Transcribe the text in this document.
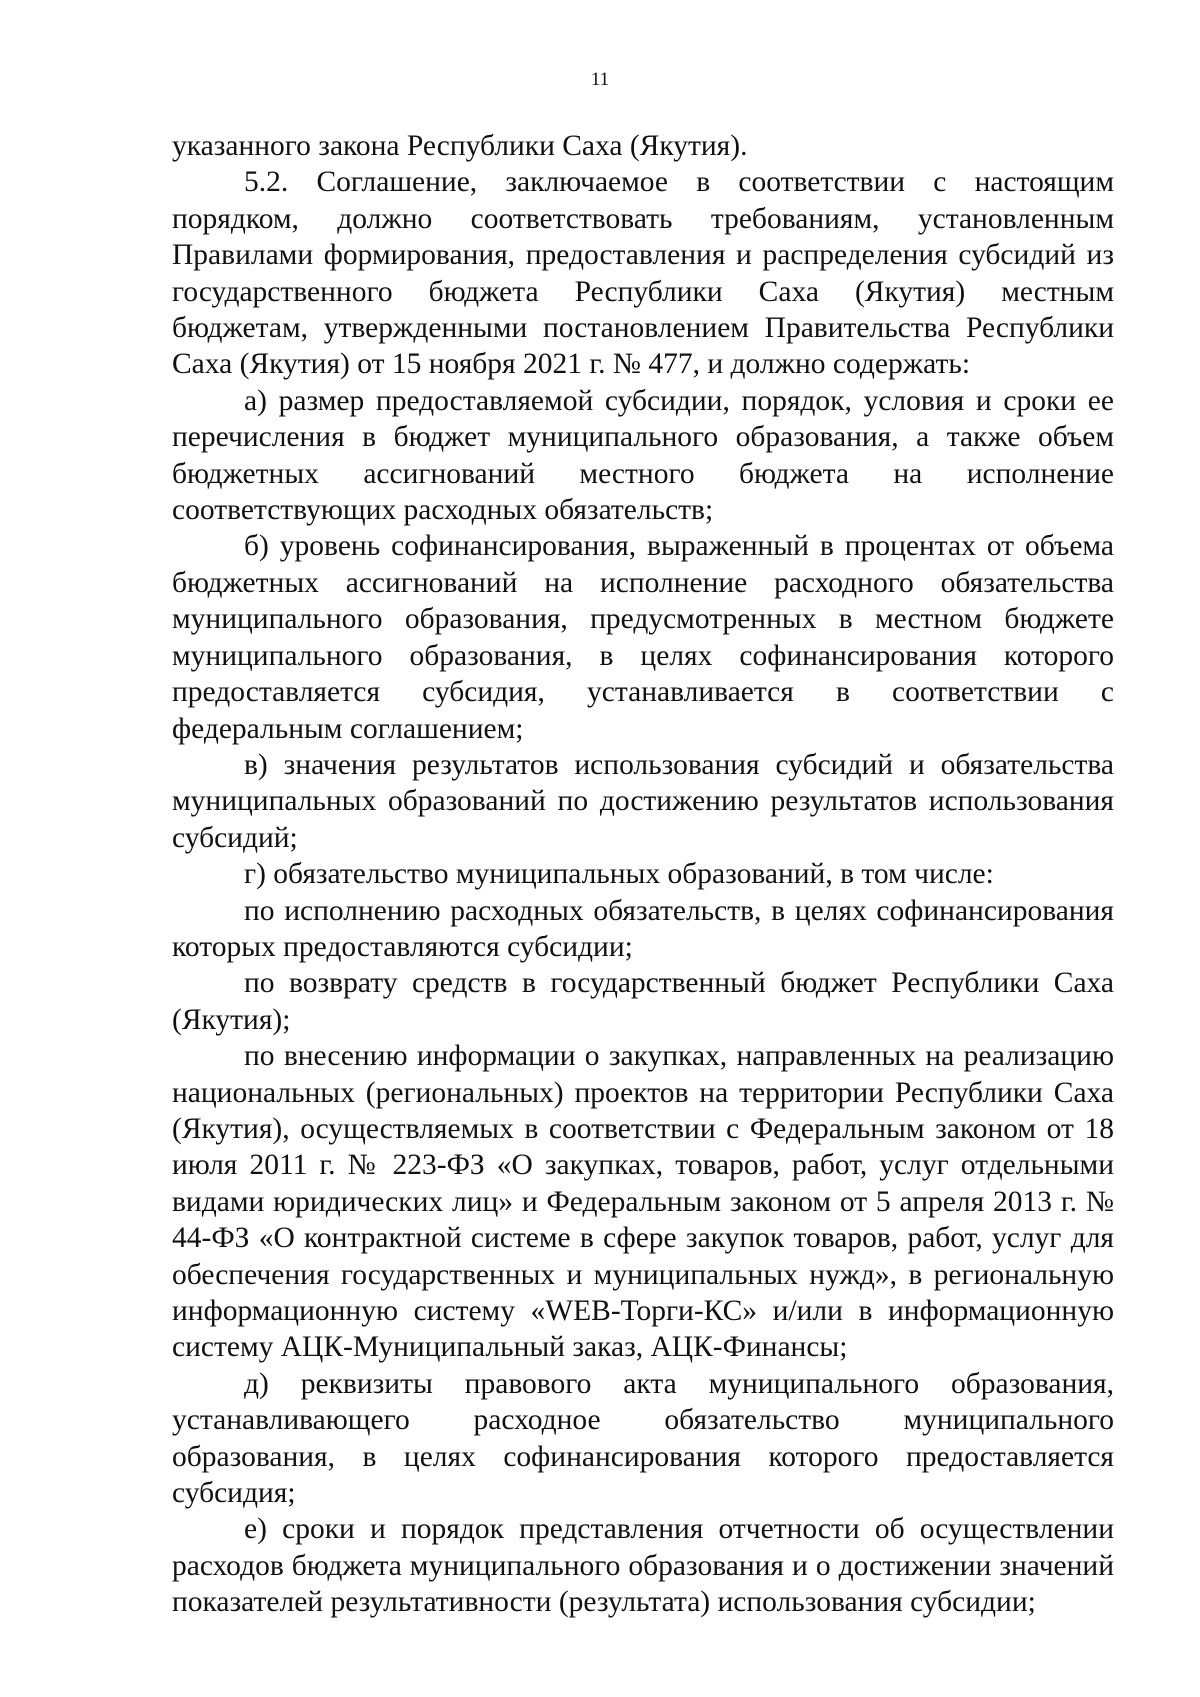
11

указанного закона Республики Саха (Якутия).

5.2. Соглашение, заключаемое в соответствии с настоящим порядком, должно соответствовать требованиям, установленным Правилами формирования, предоставления и распределения субсидий из государственного бюджета Республики Саха (Якутия) местным бюджетам, утвержденными постановлением Правительства Республики Саха (Якутия) от 15 ноября 2021 г. № 477, и должно содержать:

а) размер предоставляемой субсидии, порядок, условия и сроки ее перечисления в бюджет муниципального образования, а также объем бюджетных ассигнований местного бюджета на исполнение соответствующих расходных обязательств;

б) уровень софинансирования, выраженный в процентах от объема бюджетных ассигнований на исполнение расходного обязательства муниципального образования, предусмотренных в местном бюджете муниципального образования, в целях софинансирования которого предоставляется субсидия, устанавливается в соответствии с федеральным соглашением;

в) значения результатов использования субсидий и обязательства муниципальных образований по достижению результатов использования субсидий;

г) обязательство муниципальных образований, в том числе:

по исполнению расходных обязательств, в целях софинансирования которых предоставляются субсидии;

по возврату средств в государственный бюджет Республики Саха (Якутия);

по внесению информации о закупках, направленных на реализацию национальных (региональных) проектов на территории Республики Саха (Якутия), осуществляемых в соответствии с Федеральным законом от 18 июля 2011 г. № 223-ФЗ «О закупках, товаров, работ, услуг отдельными видами юридических лиц» и Федеральным законом от 5 апреля 2013 г. № 44-ФЗ «О контрактной системе в сфере закупок товаров, работ, услуг для обеспечения государственных и муниципальных нужд», в региональную информационную систему «WEB-Торги-КС» и/или в информационную систему АЦК-Муниципальный заказ, АЦК-Финансы;

д) реквизиты правового акта муниципального образования, устанавливающего расходное обязательство муниципального образования, в целях софинансирования которого предоставляется субсидия;

е) сроки и порядок представления отчетности об осуществлении расходов бюджета муниципального образования и о достижении значений показателей результативности (результата) использования субсидии;
